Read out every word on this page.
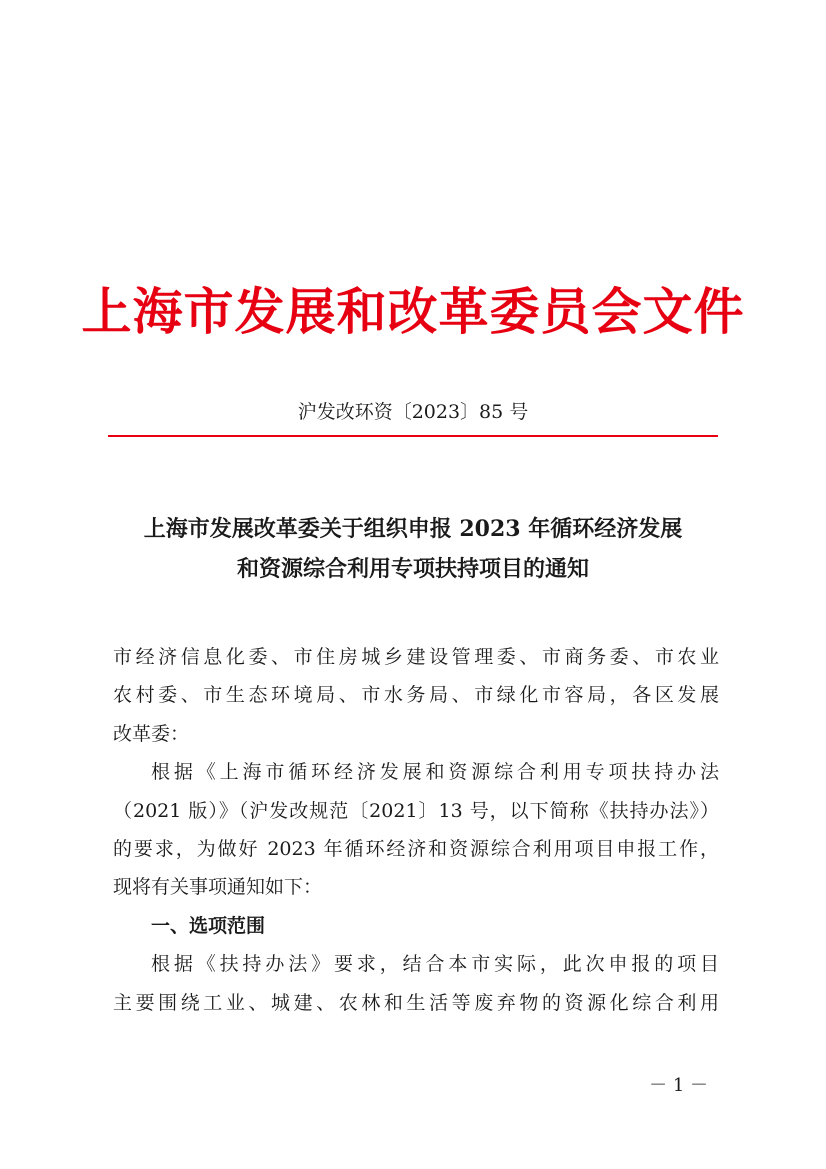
上海市发展和改革委员会文件
沪发改环资〔2023〕85 号
上海市发展改革委关于组织申报 2023 年循环经济发展
和资源综合利用专项扶持项目的通知
市经济信息化委、市住房城乡建设管理委、市商务委、市农业
农村委、市生态环境局、市水务局、市绿化市容局，各区发展
改革委：
根据《上海市循环经济发展和资源综合利用专项扶持办法
（2021 版）》（沪发改规范〔2021〕13 号，以下简称《扶持办法》）
的要求，为做好 2023 年循环经济和资源综合利用项目申报工作，
现将有关事项通知如下：
一、选项范围
根据《扶持办法》要求，结合本市实际，此次申报的项目
主要围绕工业、城建、农林和生活等废弃物的资源化综合利用
－ 1 －
